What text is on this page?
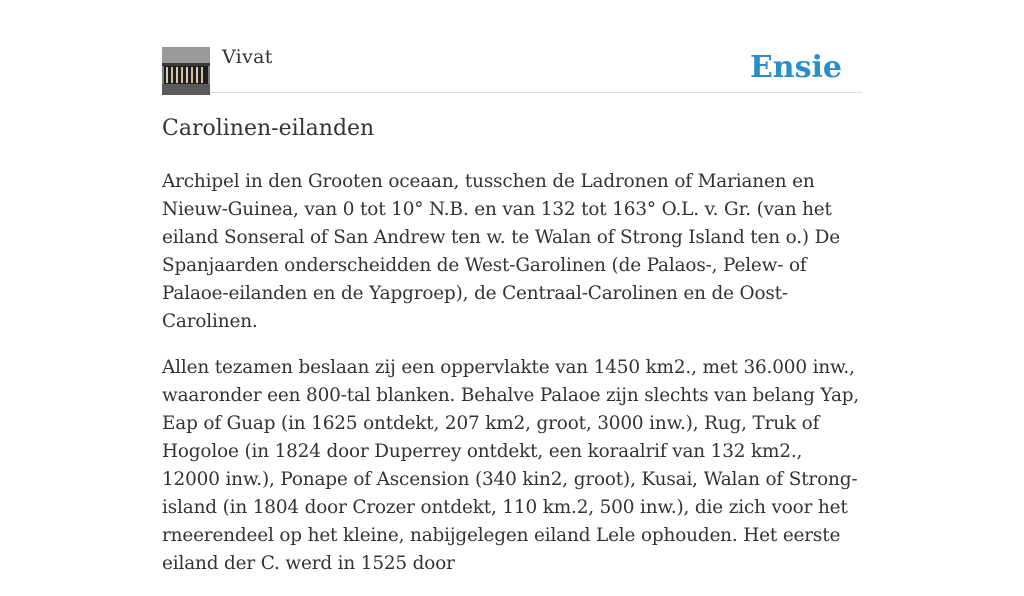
Vivat	Ensie
Carolinen-eilanden

Archipel in den Grooten oceaan, tusschen de Ladronen of Marianen en Nieuw-Guinea, van 0 tot 10° N.B. en van 132 tot 163° O.L. v. Gr. (van het eiland Sonseral of San Andrew ten w. te Walan of Strong Island ten o.) De Spanjaarden onderscheidden de West-Garolinen (de Palaos-, Pelew- of Palaoe-eilanden en de Yapgroep), de Centraal-Carolinen en de Oost-Carolinen.

Allen tezamen beslaan zij een oppervlakte van 1450 km2., met 36.000 inw., waaronder een 800-tal blanken. Behalve Palaoe zijn slechts van belang Yap, Eap of Guap (in 1625 ontdekt, 207 km2, groot, 3000 inw.), Rug, Truk of Hogoloe (in 1824 door Duperrey ontdekt, een koraalrif van 132 km2., 12000 inw.), Ponape of Ascension (340 kin2, groot), Kusai, Walan of Strong-island (in 1804 door Crozer ontdekt, 110 km.2, 500 inw.), die zich voor het rneerendeel op het kleine, nabijgelegen eiland Lele ophouden. Het eerste eiland der C. werd in 1525 door
